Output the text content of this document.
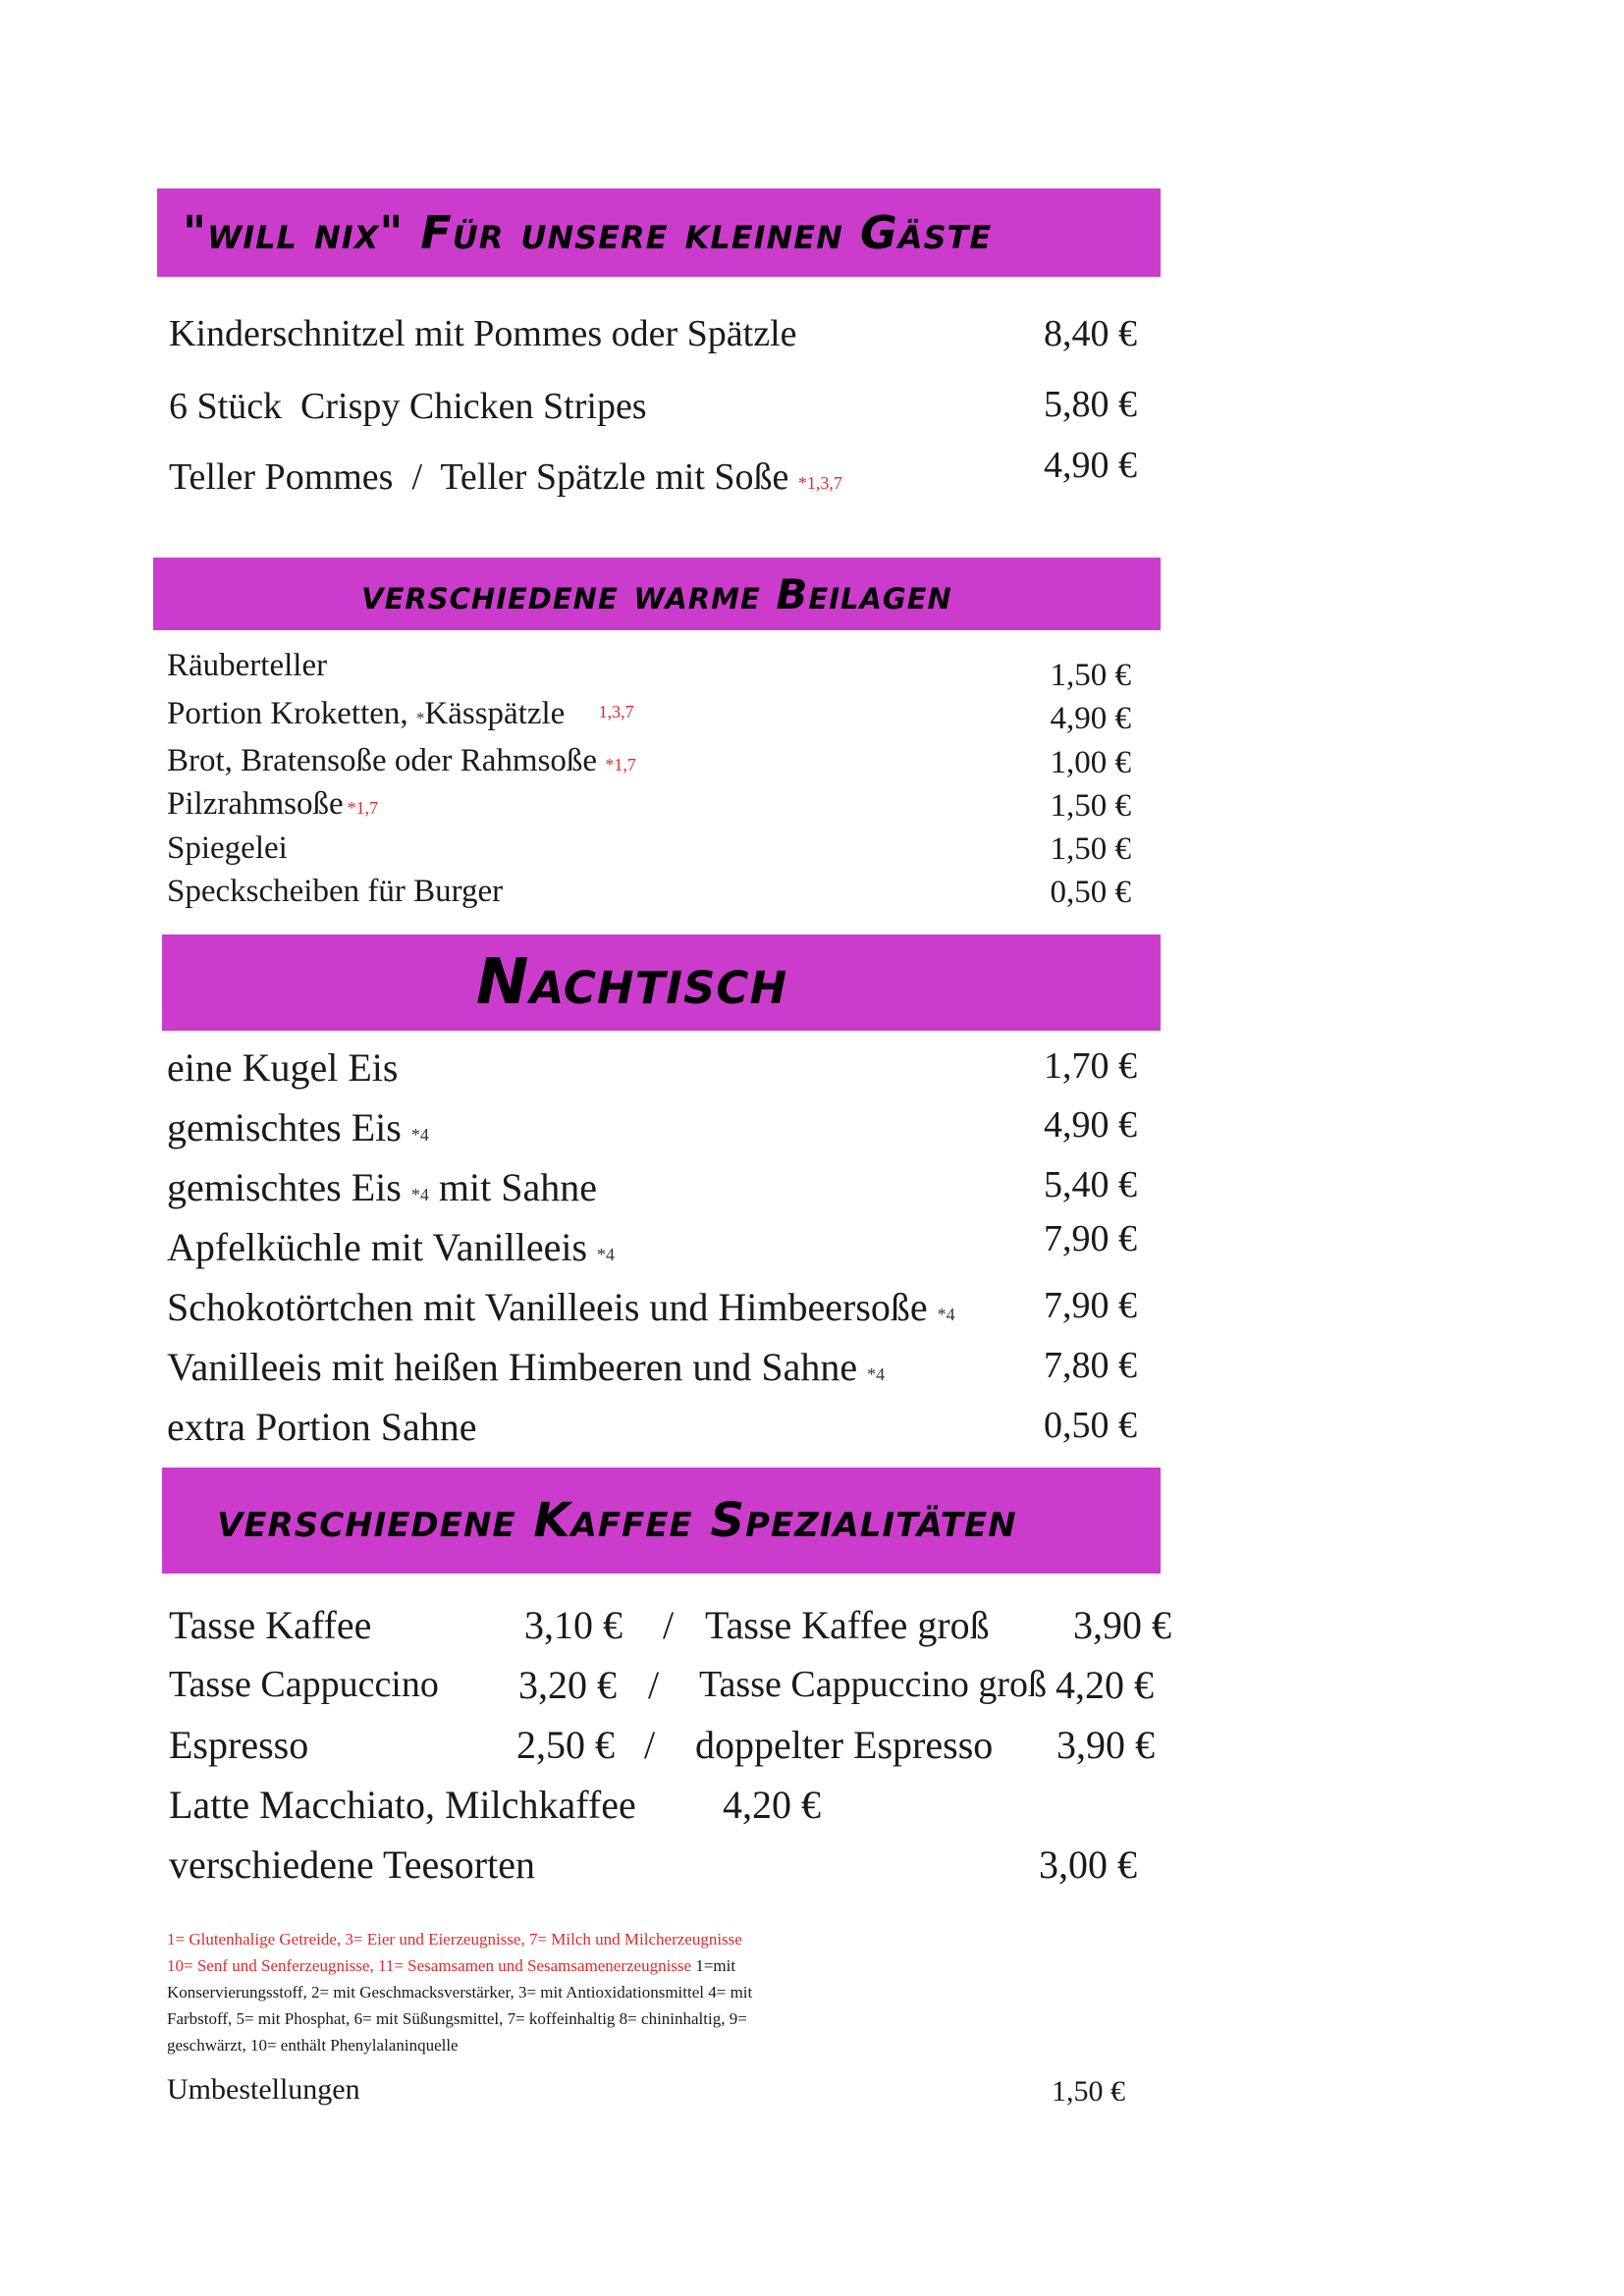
"will nix" Für unsere kleinen Gäste
Kinderschnitzel mit Pommes oder Spätzle	8,40 €
6 Stück  Crispy Chicken Stripes	5,80 €
Teller Pommes  /  Teller Spätzle mit Soße *1,3,7	4,90 €
verschiedene warme Beilagen
Räuberteller	1,50 €
Portion Kroketten, *Kässpätzle 1,3,7	4,90 €
Brot, Bratensoße oder Rahmsoße *1,7	1,00 €
Pilzrahmsoße *1,7	1,50 €
Spiegelei	1,50 €
Speckscheiben für Burger	0,50 €
Nachtisch
eine Kugel Eis	1,70 €
gemischtes Eis *4	4,90 €
gemischtes Eis *4 mit Sahne	5,40 €
Apfelküchle mit Vanilleeis *4	7,90 €
Schokotörtchen mit Vanilleeis und Himbeersoße *4 7,90 €
Vanilleeis mit heißen Himbeeren und Sahne *4	7,80 €
extra Portion Sahne	0,50 €
verschiedene Kaffee Spezialitäten
Tasse Kaffee	3,10 € / Tasse Kaffee groß 3,90 €
Tasse Cappuccino 3,20 € / Tasse Cappuccino groß 4,20 €
Espresso	2,50 € / doppelter Espresso 3,90 €
Latte Macchiato, Milchkaffee 4,20 €
verschiedene Teesorten	3,00 €
1= Glutenhalige Getreide, 3= Eier und Eierzeugnisse, 7= Milch und Milcherzeugnisse
10= Senf und Senferzeugnisse, 11= Sesamsamen und Sesamsamenerzeugnisse 1=mit
Konservierungsstoff, 2= mit Geschmacksverstärker, 3= mit Antioxidationsmittel 4= mit
Farbstoff, 5= mit Phosphat, 6= mit Süßungsmittel, 7= koffeinhaltig 8= chininhaltig, 9=
geschwärzt, 10= enthält Phenylalaninquelle
Umbestellungen	1,50 €
